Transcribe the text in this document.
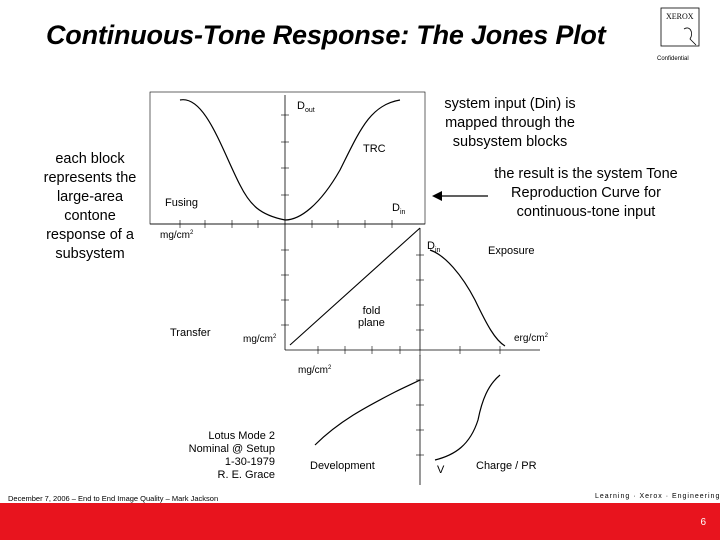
Continuous-Tone Response: The Jones Plot
XEROX
Confidential
each block represents the large-area contone response of a subsystem
system input (Din) is mapped through the subsystem blocks
the result is the system Tone Reproduction Curve for continuous-tone input
$D_{out}$
TRC
$D_{in}$
Fusing
$mg/cm^2$
$D_{in}$	Exposure
erg/$cm^2$
fold
plane
Transfer
$mg/cm^2$
$mg/cm^2$
Development	V	Charge / PR
Lotus Mode 2
Nominal @ Setup
1-30-1979
R. E. Grace
December 7, 2006 – End to End Image Quality – Mark Jackson	Learning · Xerox · Engineering
6
